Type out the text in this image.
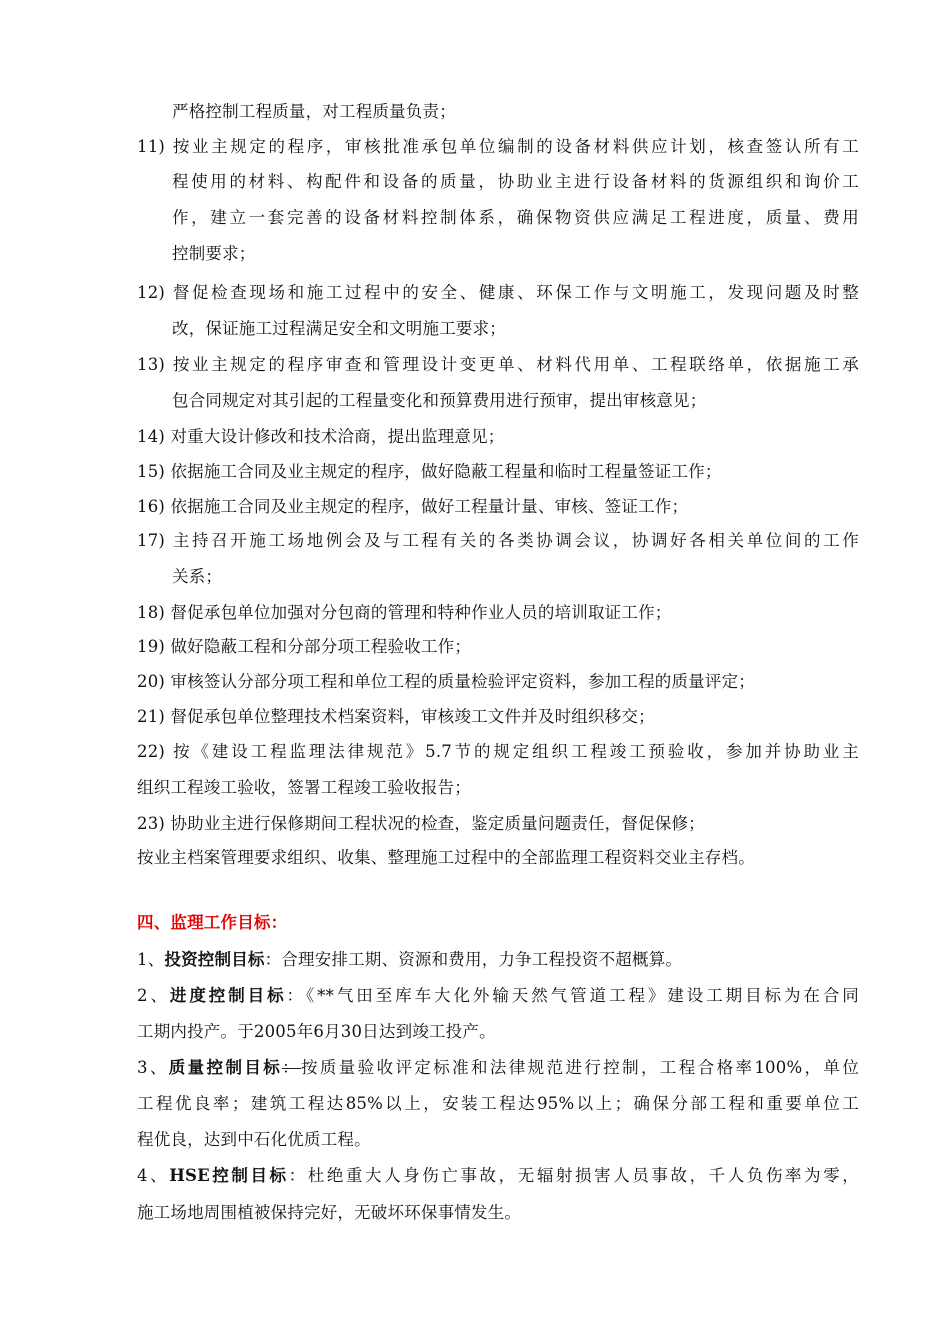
严格控制工程质量，对工程质量负责；
11) 按业主规定的程序，审核批准承包单位编制的设备材料供应计划，核查签认所有工
程使用的材料、构配件和设备的质量，协助业主进行设备材料的货源组织和询价工
作，建立一套完善的设备材料控制体系，确保物资供应满足工程进度，质量、费用
控制要求；
12) 督促检查现场和施工过程中的安全、健康、环保工作与文明施工，发现问题及时整
改，保证施工过程满足安全和文明施工要求；
13) 按业主规定的程序审查和管理设计变更单、材料代用单、工程联络单，依据施工承
包合同规定对其引起的工程量变化和预算费用进行预审，提出审核意见；
14) 对重大设计修改和技术洽商，提出监理意见；
15) 依据施工合同及业主规定的程序，做好隐蔽工程量和临时工程量签证工作；
16) 依据施工合同及业主规定的程序，做好工程量计量、审核、签证工作；
17) 主持召开施工场地例会及与工程有关的各类协调会议，协调好各相关单位间的工作
关系；
18) 督促承包单位加强对分包商的管理和特种作业人员的培训取证工作；
19) 做好隐蔽工程和分部分项工程验收工作；
20) 审核签认分部分项工程和单位工程的质量检验评定资料，参加工程的质量评定；
21) 督促承包单位整理技术档案资料，审核竣工文件并及时组织移交；
22) 按《建设工程监理法律规范》5.7节的规定组织工程竣工预验收，参加并协助业主
组织工程竣工验收，签署工程竣工验收报告；
23) 协助业主进行保修期间工程状况的检查，鉴定质量问题责任，督促保修；
按业主档案管理要求组织、收集、整理施工过程中的全部监理工程资料交业主存档。
四、监理工作目标：
1、投资控制目标：合理安排工期、资源和费用，力争工程投资不超概算。
2、进度控制目标：《**气田至库车大化外输天然气管道工程》建设工期目标为在合同
工期内投产。于2005年6月30日达到竣工投产。
3、质量控制目标：按质量验收评定标准和法律规范进行控制，工程合格率100%，单位
工程优良率；建筑工程达85%以上，安装工程达95%以上；确保分部工程和重要单位工
程优良，达到中石化优质工程。
4、HSE控制目标：杜绝重大人身伤亡事故，无辐射损害人员事故，千人负伤率为零，
施工场地周围植被保持完好，无破坏环保事情发生。
